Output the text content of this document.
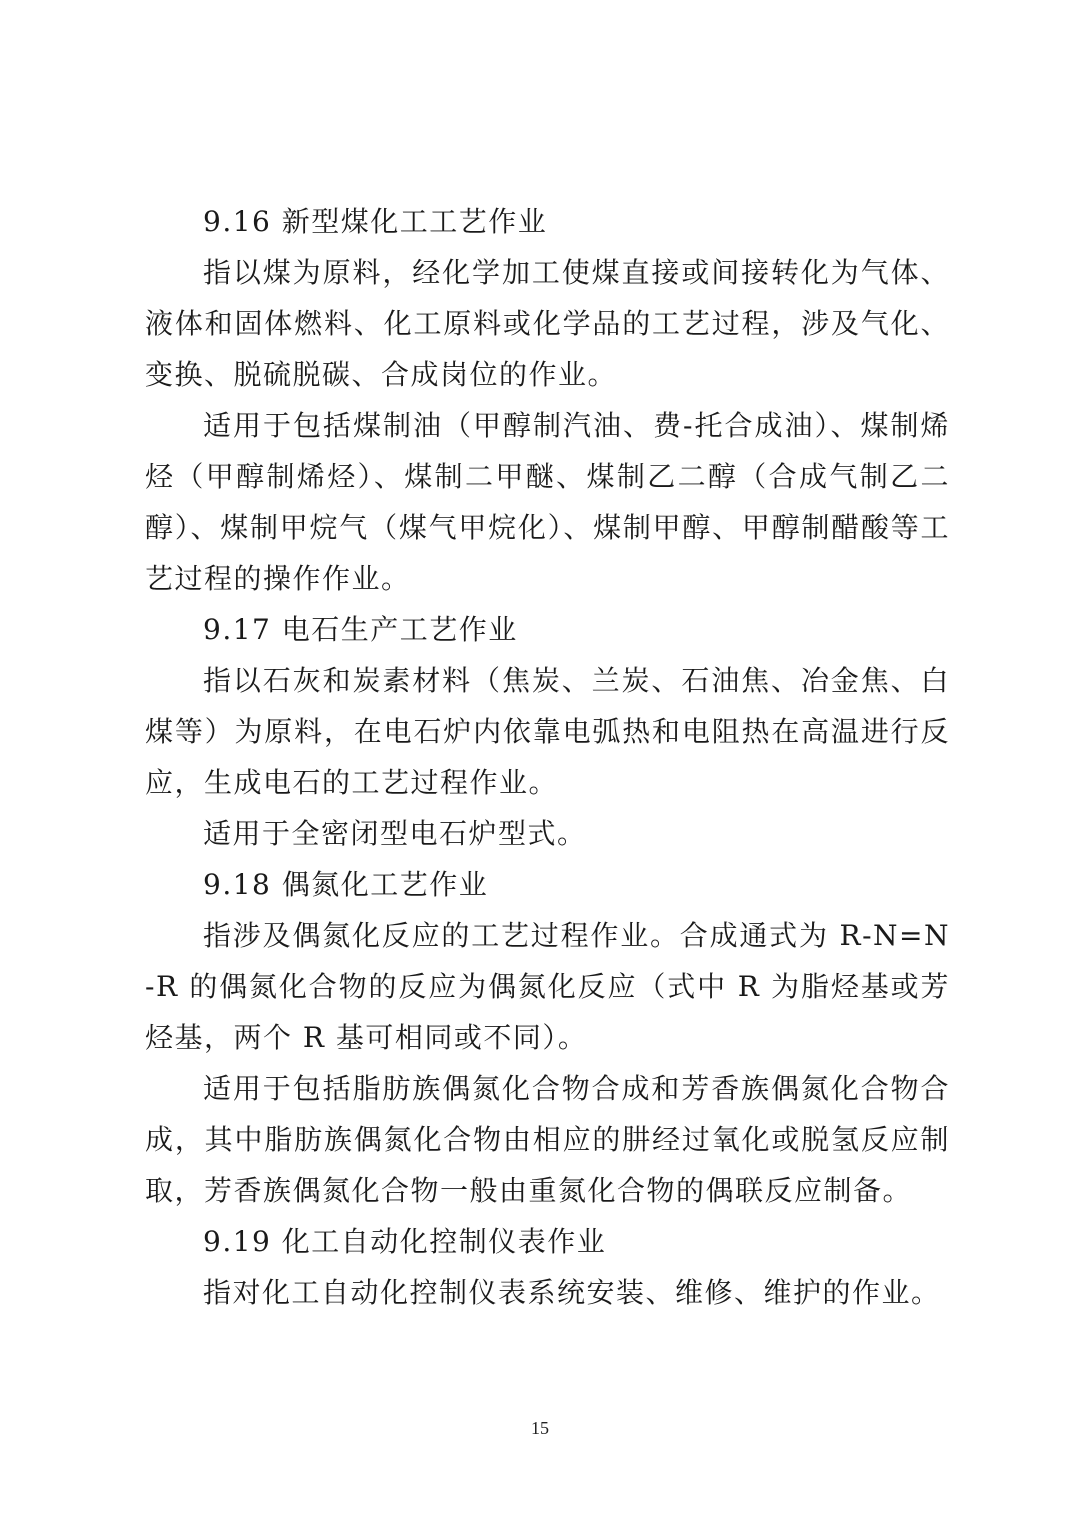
9.16 新型煤化工工艺作业

指以煤为原料，经化学加工使煤直接或间接转化为气体、液体和固体燃料、化工原料或化学品的工艺过程，涉及气化、变换、脱硫脱碳、合成岗位的作业。

适用于包括煤制油（甲醇制汽油、费-托合成油）、煤制烯烃（甲醇制烯烃）、煤制二甲醚、煤制乙二醇（合成气制乙二醇）、煤制甲烷气（煤气甲烷化）、煤制甲醇、甲醇制醋酸等工艺过程的操作作业。

9.17 电石生产工艺作业

指以石灰和炭素材料（焦炭、兰炭、石油焦、冶金焦、白煤等）为原料，在电石炉内依靠电弧热和电阻热在高温进行反应，生成电石的工艺过程作业。

适用于全密闭型电石炉型式。

9.18 偶氮化工艺作业

指涉及偶氮化反应的工艺过程作业。合成通式为 R-N=N-R 的偶氮化合物的反应为偶氮化反应（式中 R 为脂烃基或芳烃基，两个 R 基可相同或不同）。

适用于包括脂肪族偶氮化合物合成和芳香族偶氮化合物合成，其中脂肪族偶氮化合物由相应的肼经过氧化或脱氢反应制取，芳香族偶氮化合物一般由重氮化合物的偶联反应制备。

9.19 化工自动化控制仪表作业

指对化工自动化控制仪表系统安装、维修、维护的作业。

15
